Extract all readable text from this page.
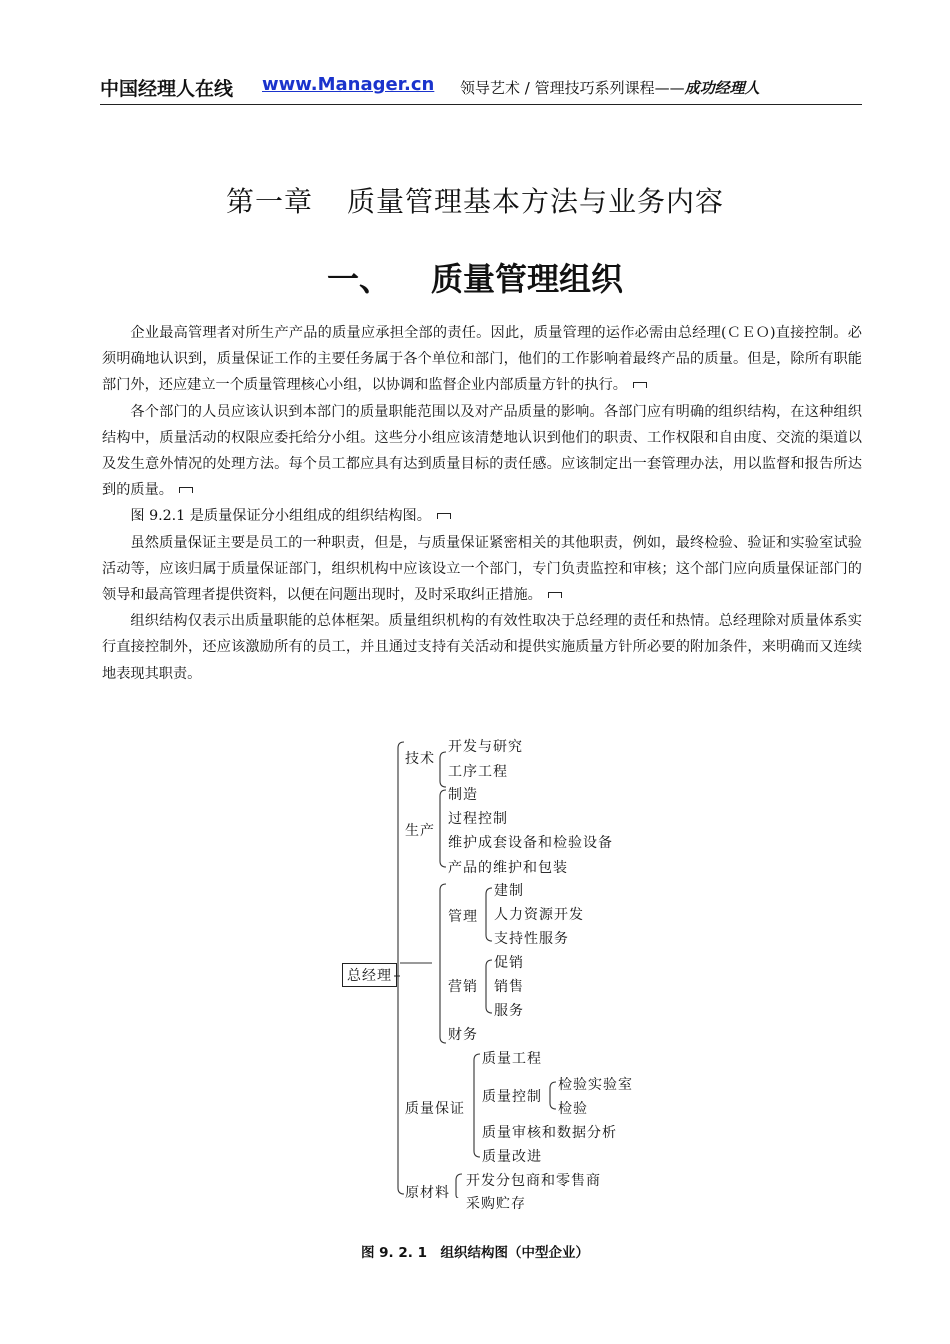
中国经理人在线 www.Manager.cn 领导艺术 / 管理技巧系列课程——成功经理人
第一章 质量管理基本方法与业务内容
一、 质量管理组织

企业最高管理者对所生产产品的质量应承担全部的责任。因此，质量管理的运作必需由总经理(ＣＥＯ)直接控制。必须明确地认识到，质量保证工作的主要任务属于各个单位和部门，他们的工作影响着最终产品的质量。但是，除所有职能部门外，还应建立一个质量管理核心小组，以协调和监督企业内部质量方针的执行。

各个部门的人员应该认识到本部门的质量职能范围以及对产品质量的影响。各部门应有明确的组织结构，在这种组织结构中，质量活动的权限应委托给分小组。这些分小组应该清楚地认识到他们的职责、工作权限和自由度、交流的渠道以及发生意外情况的处理方法。每个员工都应具有达到质量目标的责任感。应该制定出一套管理办法，用以监督和报告所达到的质量。

图 9.2.1 是质量保证分小组组成的组织结构图。

虽然质量保证主要是员工的一种职责，但是，与质量保证紧密相关的其他职责，例如，最终检验、验证和实验室试验活动等，应该归属于质量保证部门，组织机构中应该设立一个部门，专门负责监控和审核；这个部门应向质量保证部门的领导和最高管理者提供资料，以便在问题出现时，及时采取纠正措施。

组织结构仅表示出质量职能的总体框架。质量组织机构的有效性取决于总经理的责任和热情。总经理除对质量体系实行直接控制外，还应该激励所有的员工，并且通过支持有关活动和提供实施质量方针所必要的附加条件，来明确而又连续地表现其职责。

总经理
技术
开发与研究
工序工程
生产
制造
过程控制
维护成套设备和检验设备
产品的维护和包装
管理
建制
人力资源开发
支持性服务
营销
促销
销售
服务
财务
质量保证
质量工程
质量控制
检验实验室
检验
质量审核和数据分析
质量改进
原材料
开发分包商和零售商
采购贮存
图 9. 2. 1　组织结构图（中型企业）
